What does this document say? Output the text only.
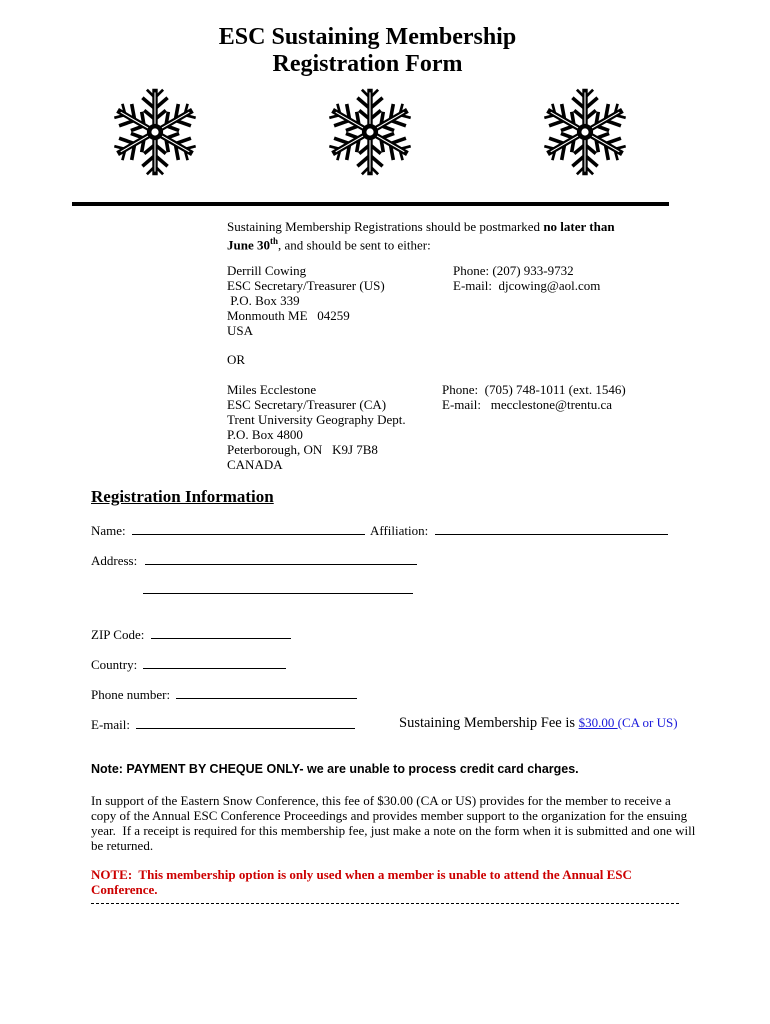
ESC Sustaining Membership
Registration Form
Sustaining Membership Registrations should be postmarked no later than
June 30th, and should be sent to either:
Derrill Cowing
ESC Secretary/Treasurer (US)
P.O. Box 339
Monmouth ME   04259
USA
Phone: (207) 933-9732
E-mail:  djcowing@aol.com
OR
Miles Ecclestone
ESC Secretary/Treasurer (CA)
Trent University Geography Dept.
P.O. Box 4800
Peterborough, ON   K9J 7B8
CANADA
Phone:  (705) 748-1011 (ext. 1546)
E-mail:   mecclestone@trentu.ca
Registration Information
Name:	Affiliation:
Address:
ZIP Code:
Country:
Phone number:
E-mail:	Sustaining Membership Fee is $30.00 (CA or US)
Note: PAYMENT BY CHEQUE ONLY- we are unable to process credit card charges.
In support of the Eastern Snow Conference, this fee of $30.00 (CA or US) provides for the member to receive a
copy of the Annual ESC Conference Proceedings and provides member support to the organization for the ensuing
year.  If a receipt is required for this membership fee, just make a note on the form when it is submitted and one will
be returned.
NOTE:  This membership option is only used when a member is unable to attend the Annual ESC
Conference.
